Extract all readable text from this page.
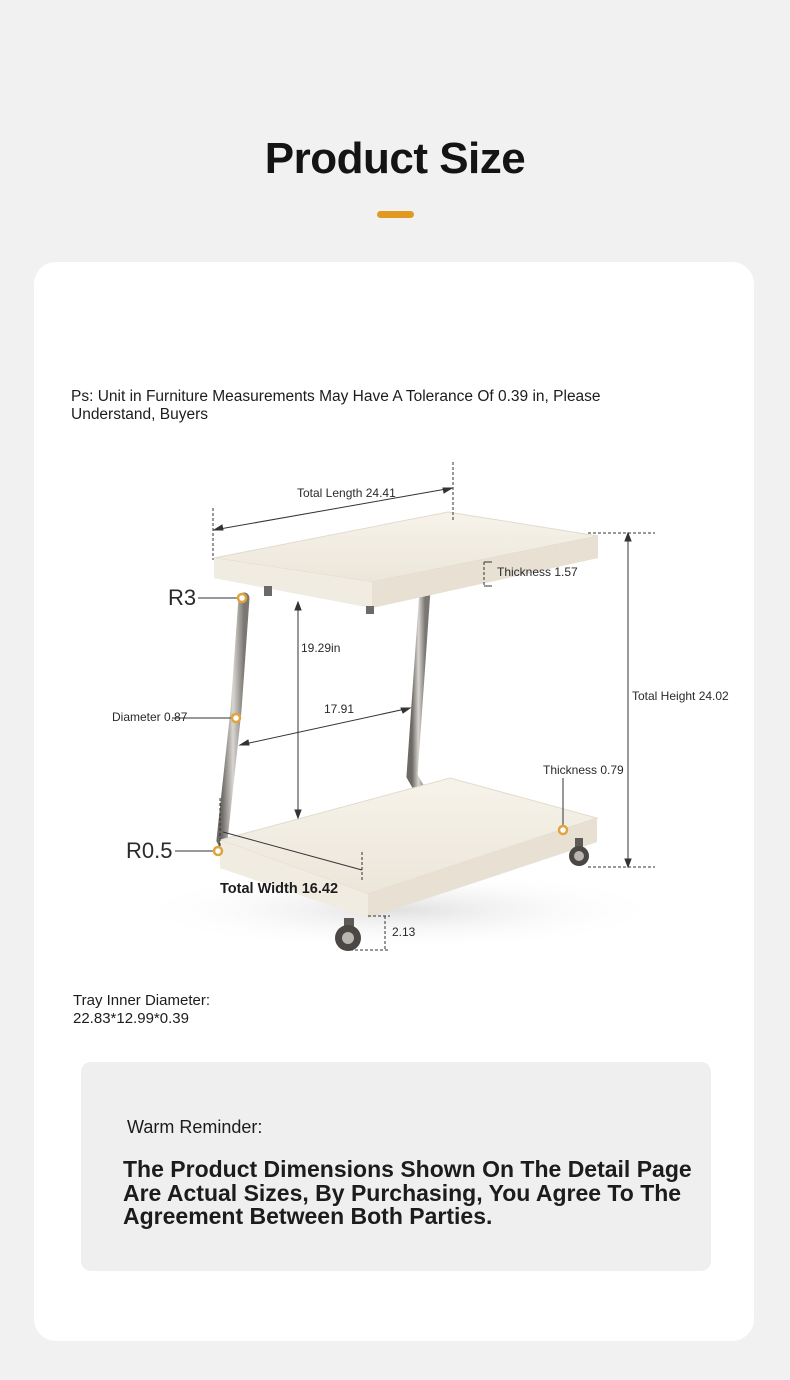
Product Size
Ps: Unit in Furniture Measurements May Have A Tolerance Of 0.39 in, Please Understand, Buyers
Total Length 24.41
Thickness 1.57
R3
19.29in
Total Height 24.02
Diameter 0.87
17.91
Thickness 0.79
R0.5
Total Width 16.42
2.13
Tray Inner Diameter: 22.83*12.99*0.39
Warm Reminder:
The Product Dimensions Shown On The Detail Page Are Actual Sizes, By Purchasing, You Agree To The Agreement Between Both Parties.
